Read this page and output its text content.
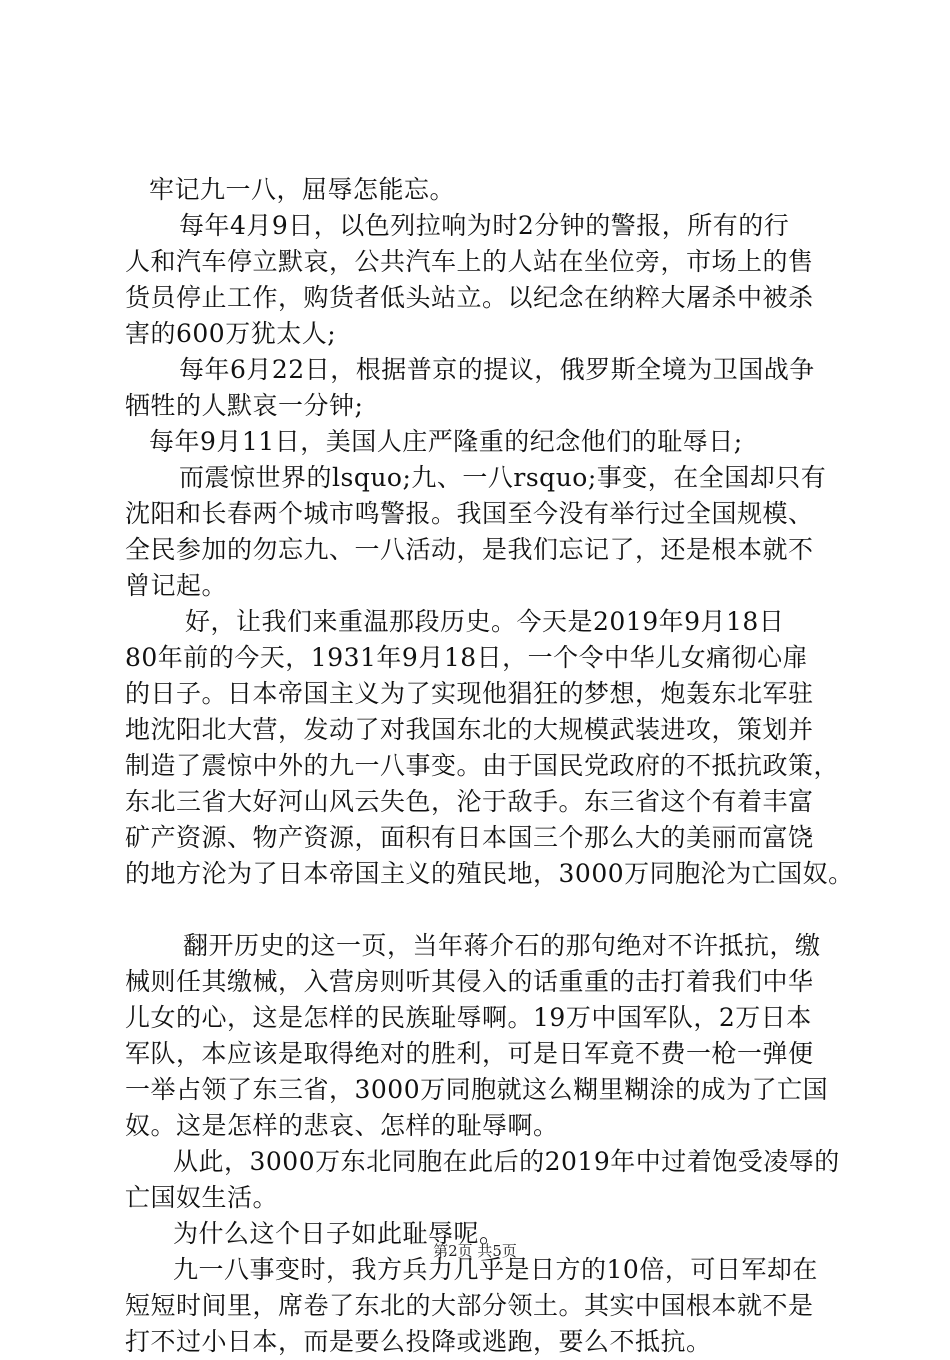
牢记九一八，屈辱怎能忘。
每年4月9日，以色列拉响为时2分钟的警报，所有的行
人和汽车停立默哀，公共汽车上的人站在坐位旁，市场上的售
货员停止工作，购货者低头站立。以纪念在纳粹大屠杀中被杀
害的600万犹太人;
每年6月22日，根据普京的提议，俄罗斯全境为卫国战争
牺牲的人默哀一分钟;
每年9月11日，美国人庄严隆重的纪念他们的耻辱日;
而震惊世界的lsquo;九、一八rsquo;事变，在全国却只有
沈阳和长春两个城市鸣警报。我国至今没有举行过全国规模、
全民参加的勿忘九、一八活动，是我们忘记了，还是根本就不
曾记起。
好，让我们来重温那段历史。今天是2019年9月18日
80年前的今天，1931年9月18日，一个令中华儿女痛彻心扉
的日子。日本帝国主义为了实现他猖狂的梦想，炮轰东北军驻
地沈阳北大营，发动了对我国东北的大规模武装进攻，策划并
制造了震惊中外的九一八事变。由于国民党政府的不抵抗政策，
东北三省大好河山风云失色，沦于敌手。东三省这个有着丰富
矿产资源、物产资源，面积有日本国三个那么大的美丽而富饶
的地方沦为了日本帝国主义的殖民地，3000万同胞沦为亡国奴。
翻开历史的这一页，当年蒋介石的那句绝对不许抵抗，缴
械则任其缴械，入营房则听其侵入的话重重的击打着我们中华
儿女的心，这是怎样的民族耻辱啊。19万中国军队，2万日本
军队，本应该是取得绝对的胜利，可是日军竟不费一枪一弹便
一举占领了东三省，3000万同胞就这么糊里糊涂的成为了亡国
奴。这是怎样的悲哀、怎样的耻辱啊。
从此，3000万东北同胞在此后的2019年中过着饱受凌辱的
亡国奴生活。
为什么这个日子如此耻辱呢。
九一八事变时，我方兵力几乎是日方的10倍，可日军却在
短短时间里，席卷了东北的大部分领土。其实中国根本就不是
打不过小日本，而是要么投降或逃跑，要么不抵抗。
第2页 共5页
